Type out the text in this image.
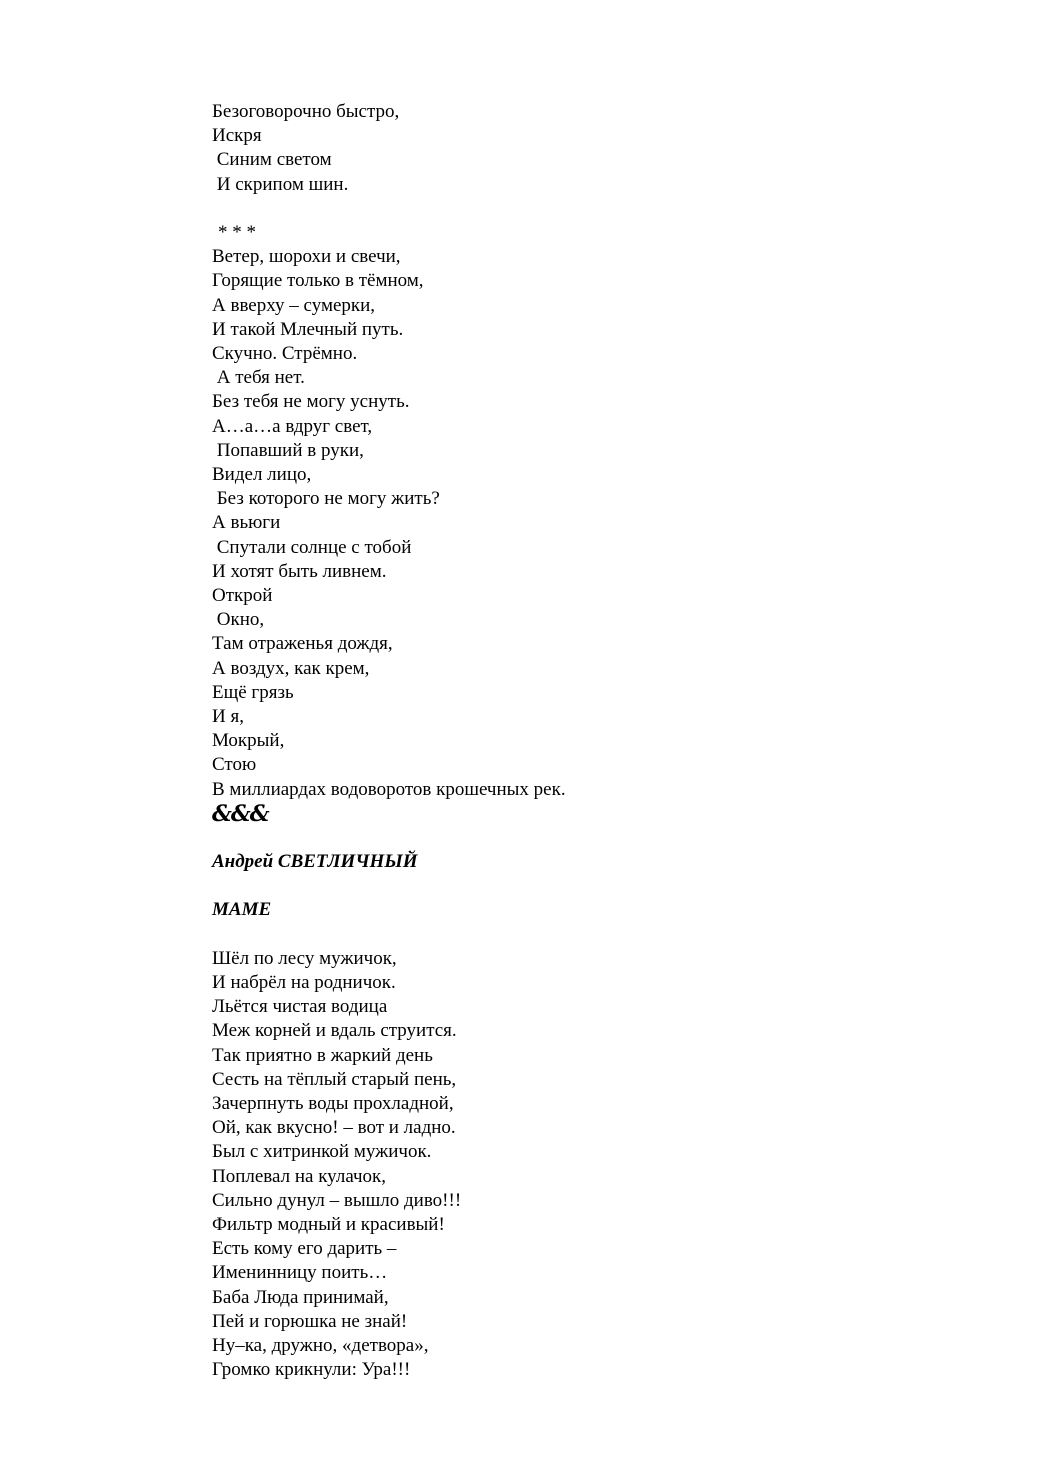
Безоговорочно быстро,
Искря
Синим светом
И скрипом шин.
* * *
Ветер, шорохи и свечи,
Горящие только в тёмном,
А вверху – сумерки,
И такой Млечный путь.
Скучно. Стрёмно.
А тебя нет.
Без тебя не могу уснуть.
А…а…а вдруг свет,
Попавший в руки,
Видел лицо,
Без которого не могу жить?
А вьюги
Спутали солнце с тобой
И хотят быть ливнем.
Открой
Окно,
Там отраженья дождя,
А воздух, как крем,
Ещё грязь
И я,
Мокрый,
Стою
В миллиардах водоворотов крошечных рек.
&&&
Андрей СВЕТЛИЧНЫЙ
МАМЕ
Шёл по лесу мужичок,
И набрёл на родничок.
Льётся чистая водица
Меж корней и вдаль струится.
Так приятно в жаркий день
Сесть на тёплый старый пень,
Зачерпнуть воды прохладной,
Ой, как вкусно! – вот и ладно.
Был с хитринкой мужичок.
Поплевал на кулачок,
Сильно дунул – вышло диво!!!
Фильтр модный и красивый!
Есть кому его дарить –
Именинницу поить…
Баба Люда принимай,
Пей и горюшка не знай!
Ну–ка, дружно, «детвора»,
Громко крикнули: Ура!!!
